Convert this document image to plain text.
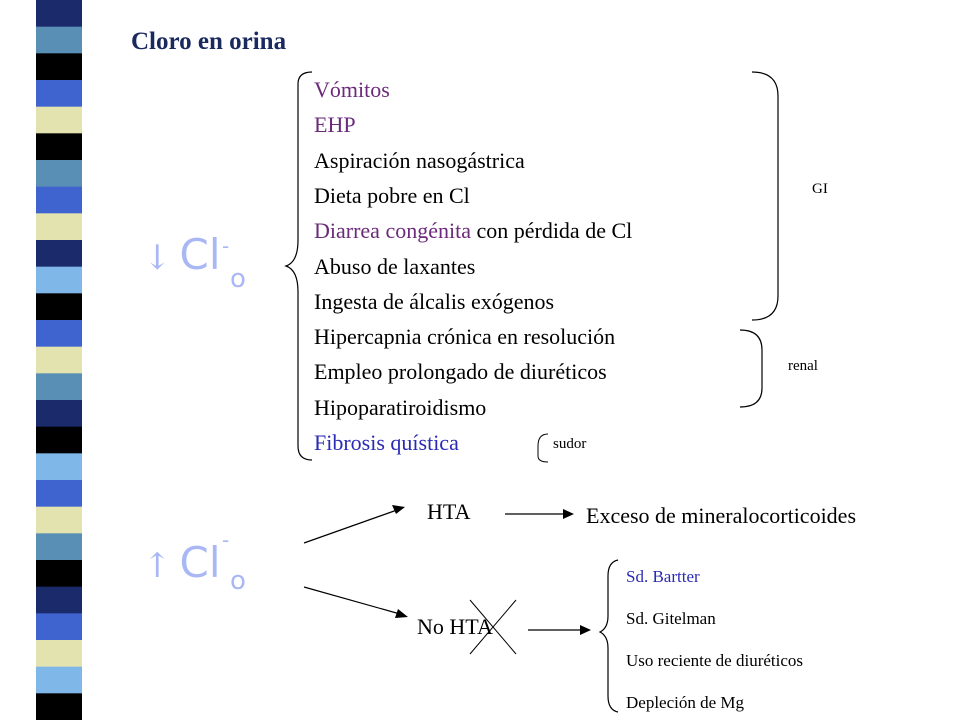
Cloro en orina
↓ Cl -
o
Vómitos
EHP
Aspiración nasogástrica
Dieta pobre en Cl
Diarrea congénita con pérdida de Cl
Abuso de laxantes
Ingesta de álcalis exógenos
Hipercapnia crónica en resolución
Empleo prolongado de diuréticos
Hipoparatiroidismo
Fibrosis quística
GI
renal
sudor
↑ Cl -
o
HTA	Exceso de mineralocorticoides
No HTA
Sd. Bartter
Sd. Gitelman
Uso reciente de diuréticos
Depleción de Mg
